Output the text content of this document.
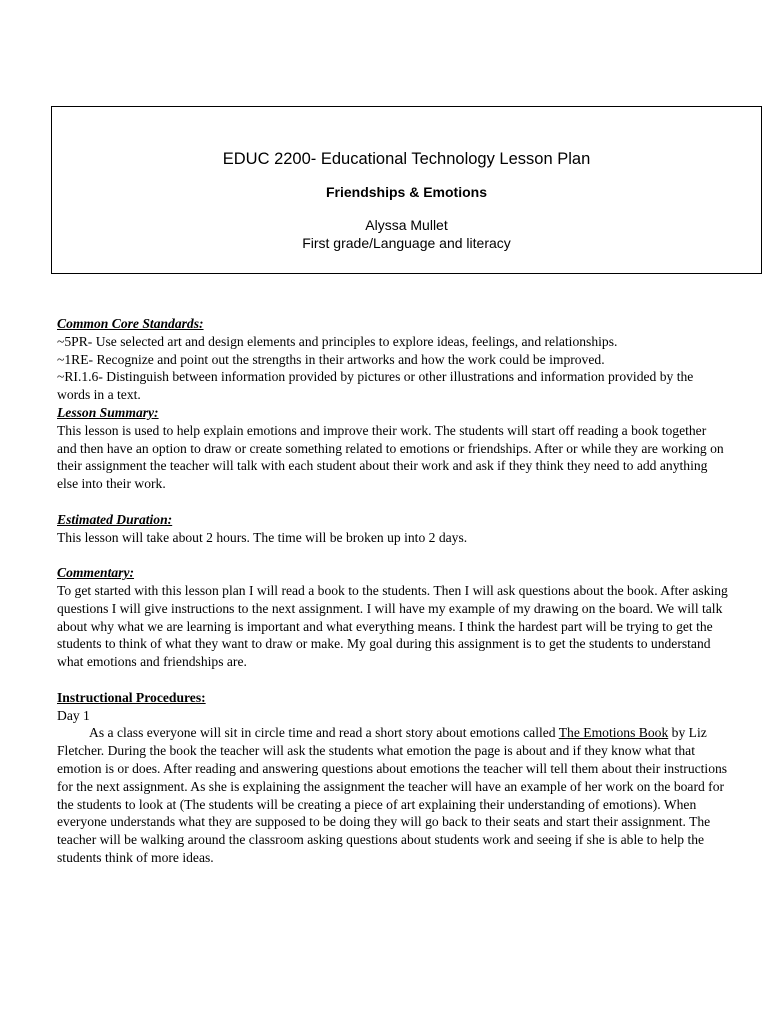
EDUC 2200- Educational Technology Lesson Plan
Friendships & Emotions
Alyssa Mullet
First grade/Language and literacy

Common Core Standards:

~5PR- Use selected art and design elements and principles to explore ideas, feelings, and relationships.

~1RE- Recognize and point out the strengths in their artworks and how the work could be improved.

~RI.1.6- Distinguish between information provided by pictures or other illustrations and information provided by the words in a text.

Lesson Summary:

This lesson is used to help explain emotions and improve their work. The students will start off reading a book together and then have an option to draw or create something related to emotions or friendships. After or while they are working on their assignment the teacher will talk with each student about their work and ask if they think they need to add anything else into their work.

Estimated Duration:

This lesson will take about 2 hours. The time will be broken up into 2 days.

Commentary:

To get started with this lesson plan I will read a book to the students. Then I will ask questions about the book. After asking questions I will give instructions to the next assignment. I will have my example of my drawing on the board. We will talk about why what we are learning is important and what everything means. I think the hardest part will be trying to get the students to think of what they want to draw or make. My goal during this assignment is to get the students to understand what emotions and friendships are.

Instructional Procedures:

Day 1

As a class everyone will sit in circle time and read a short story about emotions called The Emotions Book by Liz Fletcher. During the book the teacher will ask the students what emotion the page is about and if they know what that emotion is or does. After reading and answering questions about emotions the teacher will tell them about their instructions for the next assignment. As she is explaining the assignment the teacher will have an example of her work on the board for the students to look at (The students will be creating a piece of art explaining their understanding of emotions). When everyone understands what they are supposed to be doing they will go back to their seats and start their assignment. The teacher will be walking around the classroom asking questions about students work and seeing if she is able to help the students think of more ideas.
